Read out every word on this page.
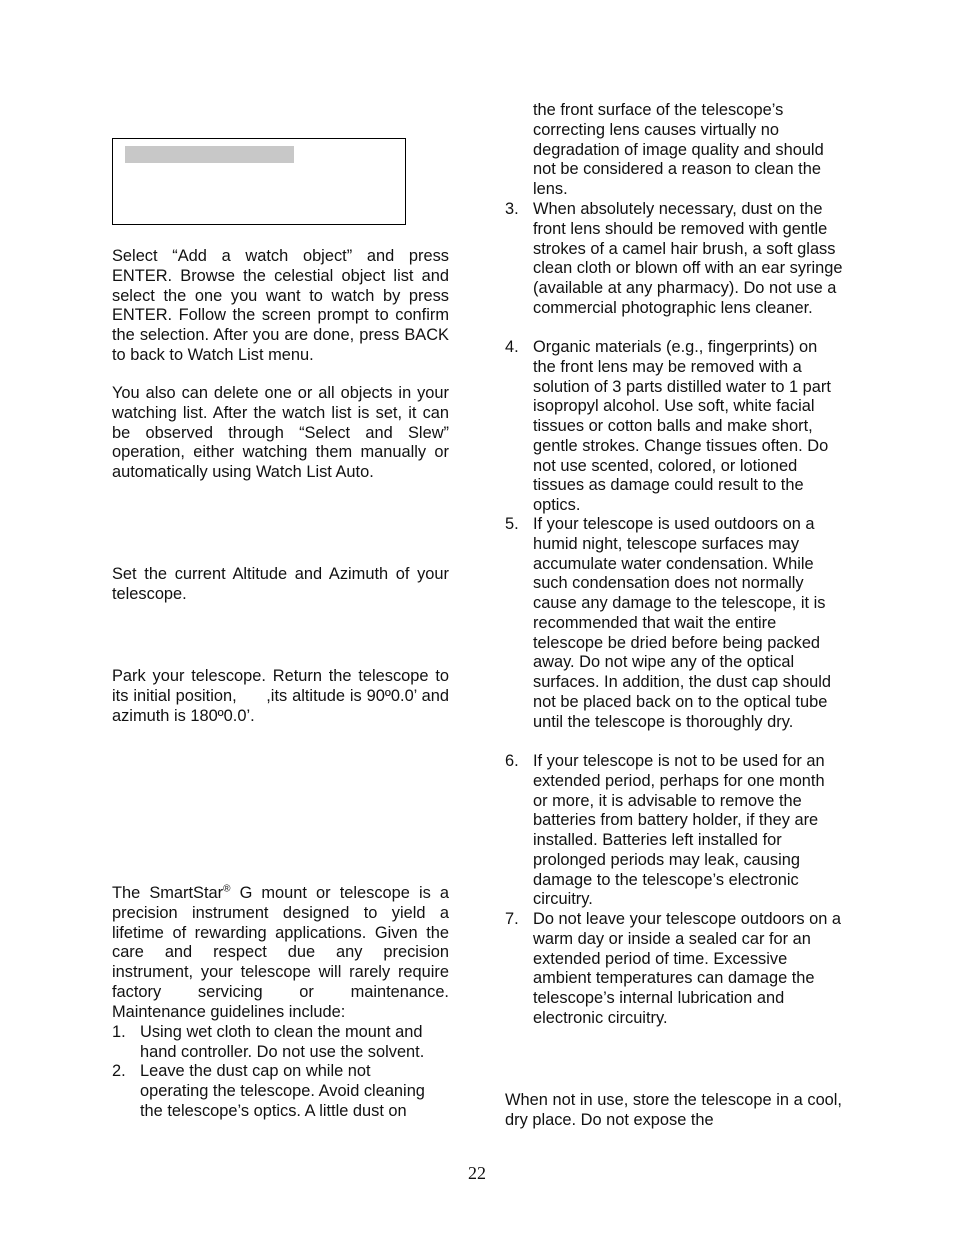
Select “Add a watch object” and press ENTER. Browse the celestial object list and select the one you want to watch by press ENTER. Follow the screen prompt to confirm the selection. After you are done, press BACK to back to Watch List menu.

You also can delete one or all objects in your watching list. After the watch list is set, it can be observed through “Select and Slew” operation, either watching them manually or automatically using Watch List Auto.

Set the current Altitude and Azimuth of your telescope.

Park your telescope. Return the telescope to its initial position, ,its altitude is 90º0.0’ and azimuth is 180º0.0’.

The SmartStar® G mount or telescope is a precision instrument designed to yield a lifetime of rewarding applications. Given the care and respect due any precision instrument, your telescope will rarely require factory servicing or maintenance. Maintenance guidelines include:

1. Using wet cloth to clean the mount and hand controller. Do not use the solvent.
2. Leave the dust cap on while not operating the telescope. Avoid cleaning the telescope’s optics. A little dust on

the front surface of the telescope’s correcting lens causes virtually no degradation of image quality and should not be considered a reason to clean the lens.

3. When absolutely necessary, dust on the front lens should be removed with gentle strokes of a camel hair brush, a soft glass clean cloth or blown off with an ear syringe (available at any pharmacy). Do not use a commercial photographic lens cleaner.
4. Organic materials (e.g., fingerprints) on the front lens may be removed with a solution of 3 parts distilled water to 1 part isopropyl alcohol. Use soft, white facial tissues or cotton balls and make short, gentle strokes. Change tissues often. Do not use scented, colored, or lotioned tissues as damage could result to the optics.
5. If your telescope is used outdoors on a humid night, telescope surfaces may accumulate water condensation. While such condensation does not normally cause any damage to the telescope, it is recommended that wait the entire telescope be dried before being packed away. Do not wipe any of the optical surfaces. In addition, the dust cap should not be placed back on to the optical tube until the telescope is thoroughly dry.
6. If your telescope is not to be used for an extended period, perhaps for one month or more, it is advisable to remove the batteries from battery holder, if they are installed. Batteries left installed for prolonged periods may leak, causing damage to the telescope’s electronic circuitry.
7. Do not leave your telescope outdoors on a warm day or inside a sealed car for an extended period of time. Excessive ambient temperatures can damage the telescope’s internal lubrication and electronic circuitry.

When not in use, store the telescope in a cool, dry place. Do not expose the

22
